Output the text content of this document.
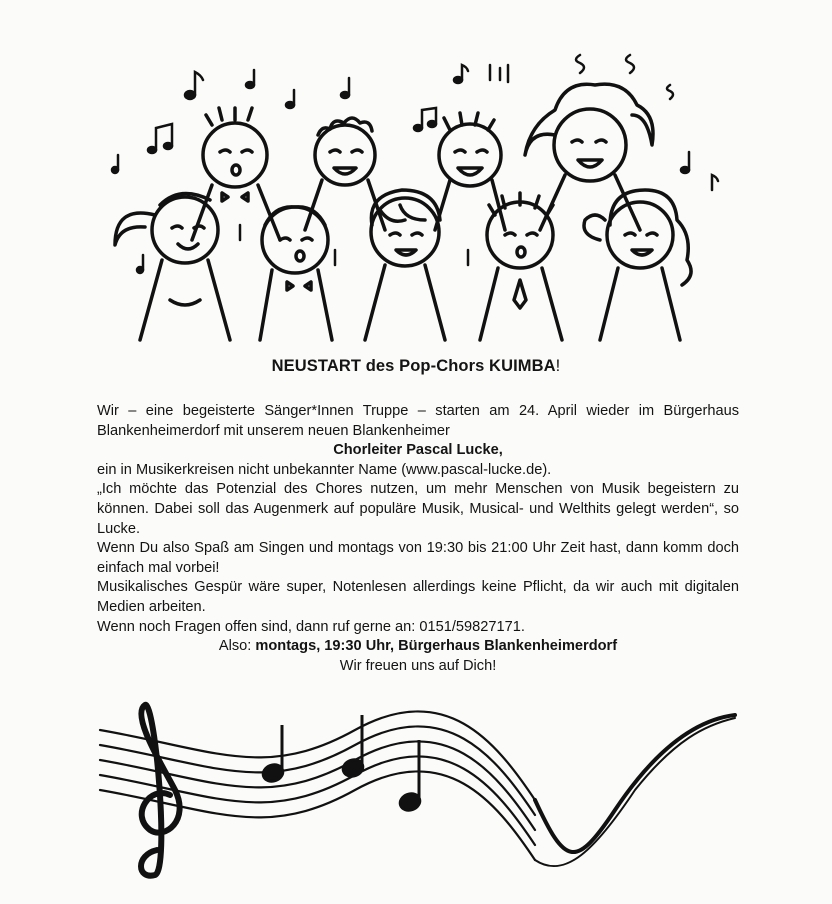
NEUSTART des Pop-Chors KUIMBA!

Wir – eine begeisterte Sänger*Innen Truppe – starten am 24. April wieder im Bürgerhaus Blankenheimerdorf mit unserem neuen Blankenheimer

Chorleiter Pascal Lucke,

ein in Musikerkreisen nicht unbekannter Name (www.pascal-lucke.de).

„Ich möchte das Potenzial des Chores nutzen, um mehr Menschen von Musik begeistern zu können. Dabei soll das Augenmerk auf populäre Musik, Musical- und Welthits gelegt werden“, so Lucke.

Wenn Du also Spaß am Singen und montags von 19:30 bis 21:00 Uhr Zeit hast, dann komm doch einfach mal vorbei!

Musikalisches Gespür wäre super, Notenlesen allerdings keine Pflicht, da wir auch mit digitalen Medien arbeiten.

Wenn noch Fragen offen sind, dann ruf gerne an: 0151/59827171.

Also: montags, 19:30 Uhr, Bürgerhaus Blankenheimerdorf

Wir freuen uns auf Dich!
